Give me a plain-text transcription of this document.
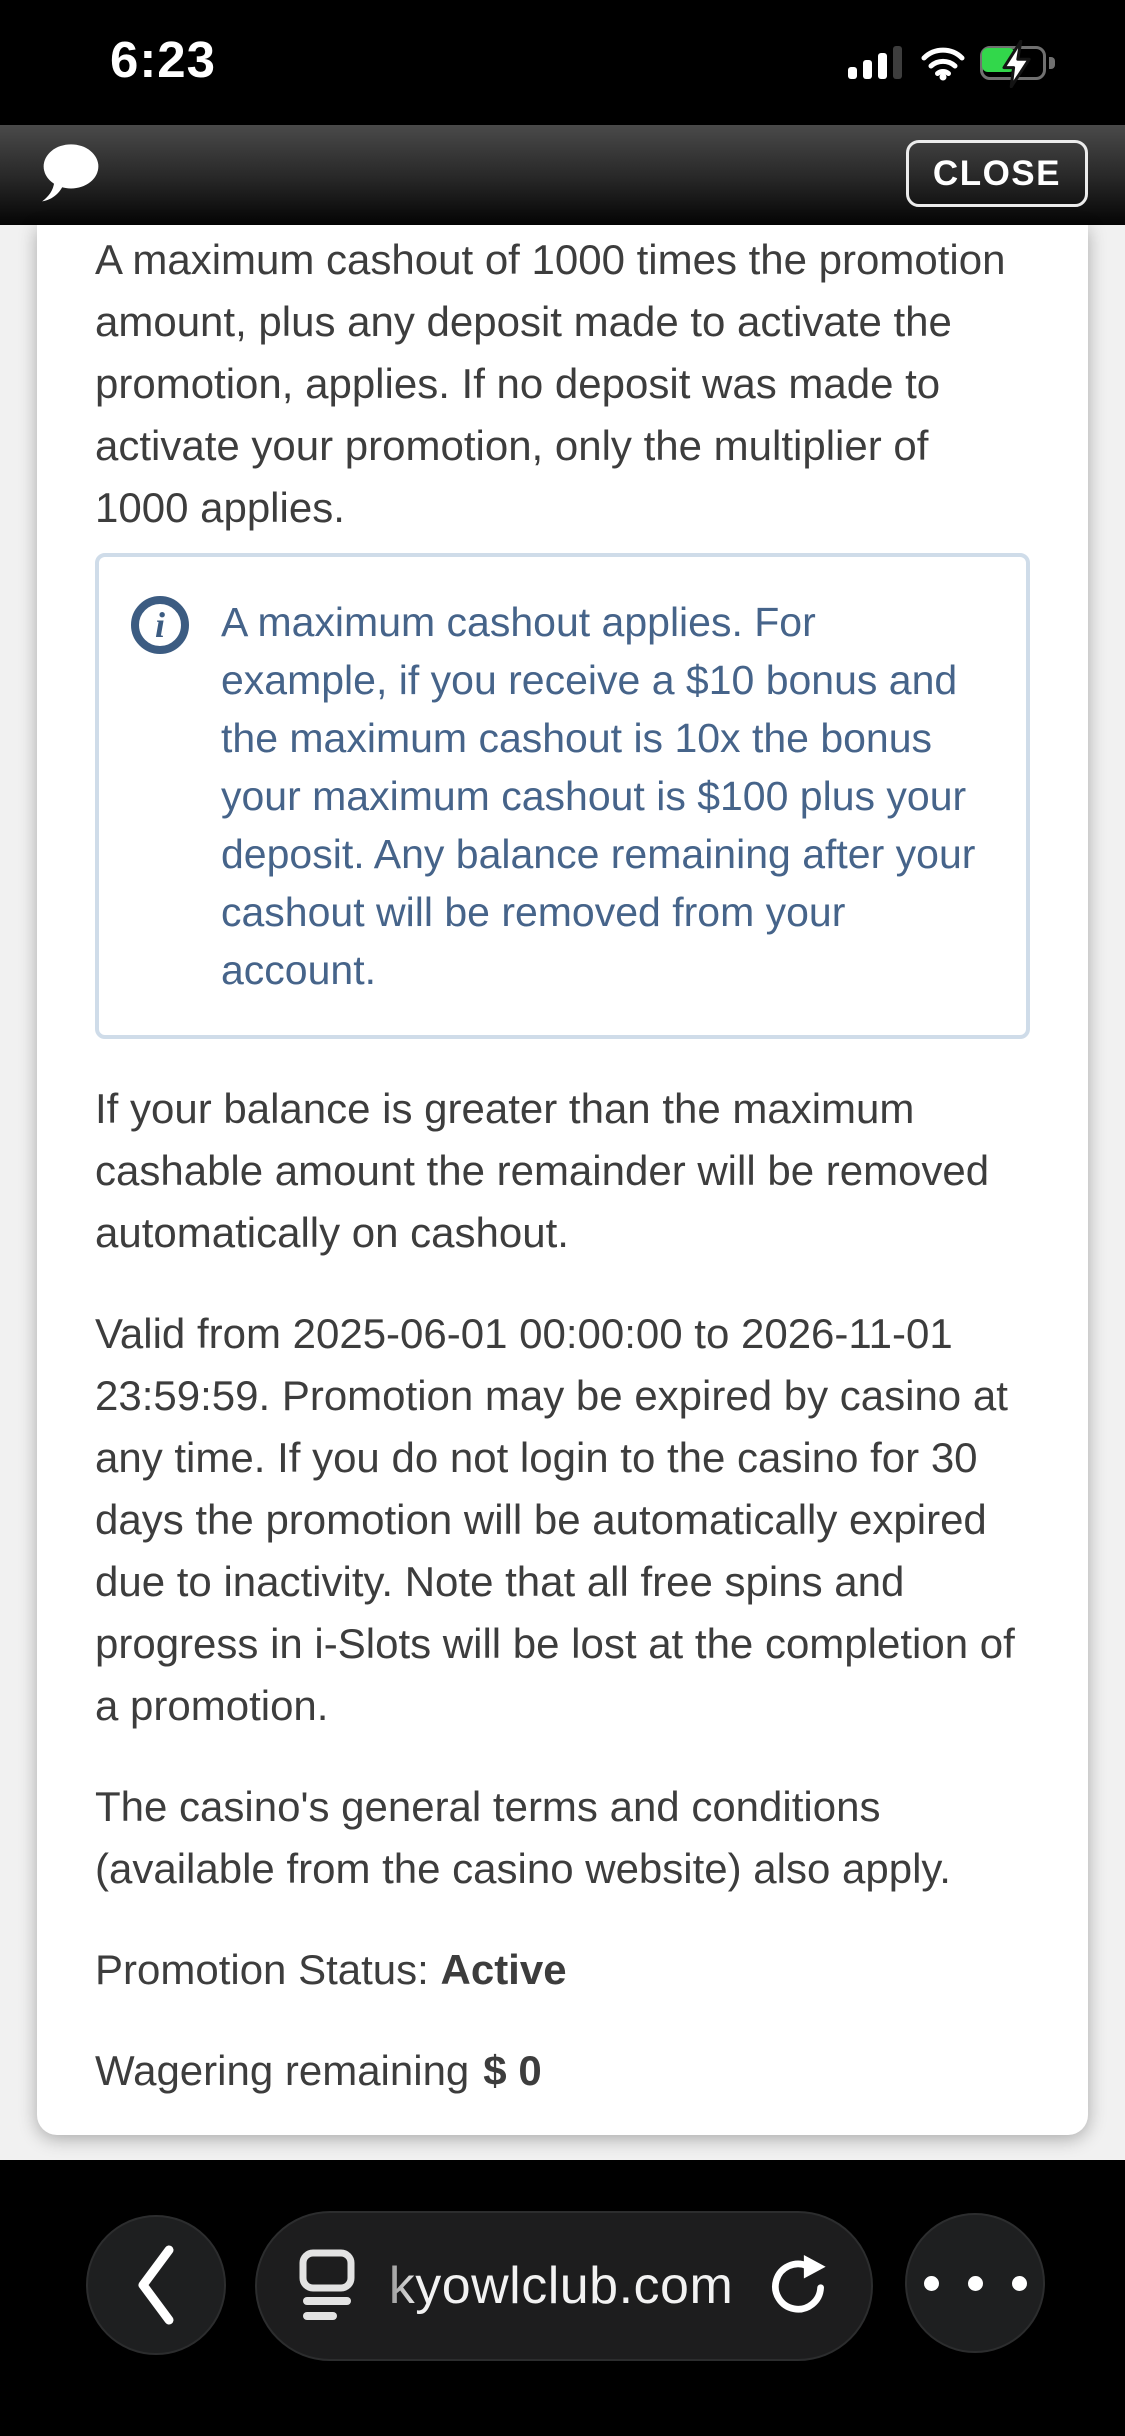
6:23
CLOSE

A maximum cashout of 1000 times the promotion amount, plus any deposit made to activate the promotion, applies. If no deposit was made to activate your promotion, only the multiplier of 1000 applies.

i	A maximum cashout applies. For example, if you receive a $10 bonus and the maximum cashout is 10x the bonus your maximum cashout is $100 plus your deposit. Any balance remaining after your cashout will be removed from your account.

If your balance is greater than the maximum cashable amount the remainder will be removed automatically on cashout.

Valid from 2025-06-01 00:00:00 to 2026-11-01 23:59:59. Promotion may be expired by casino at any time. If you do not login to the casino for 30 days the promotion will be automatically expired due to inactivity. Note that all free spins and progress in i-Slots will be lost at the completion of a promotion.

The casino's general terms and conditions (available from the casino website) also apply.

Promotion Status: Active

Wagering remaining $ 0

kyowlclub.com
